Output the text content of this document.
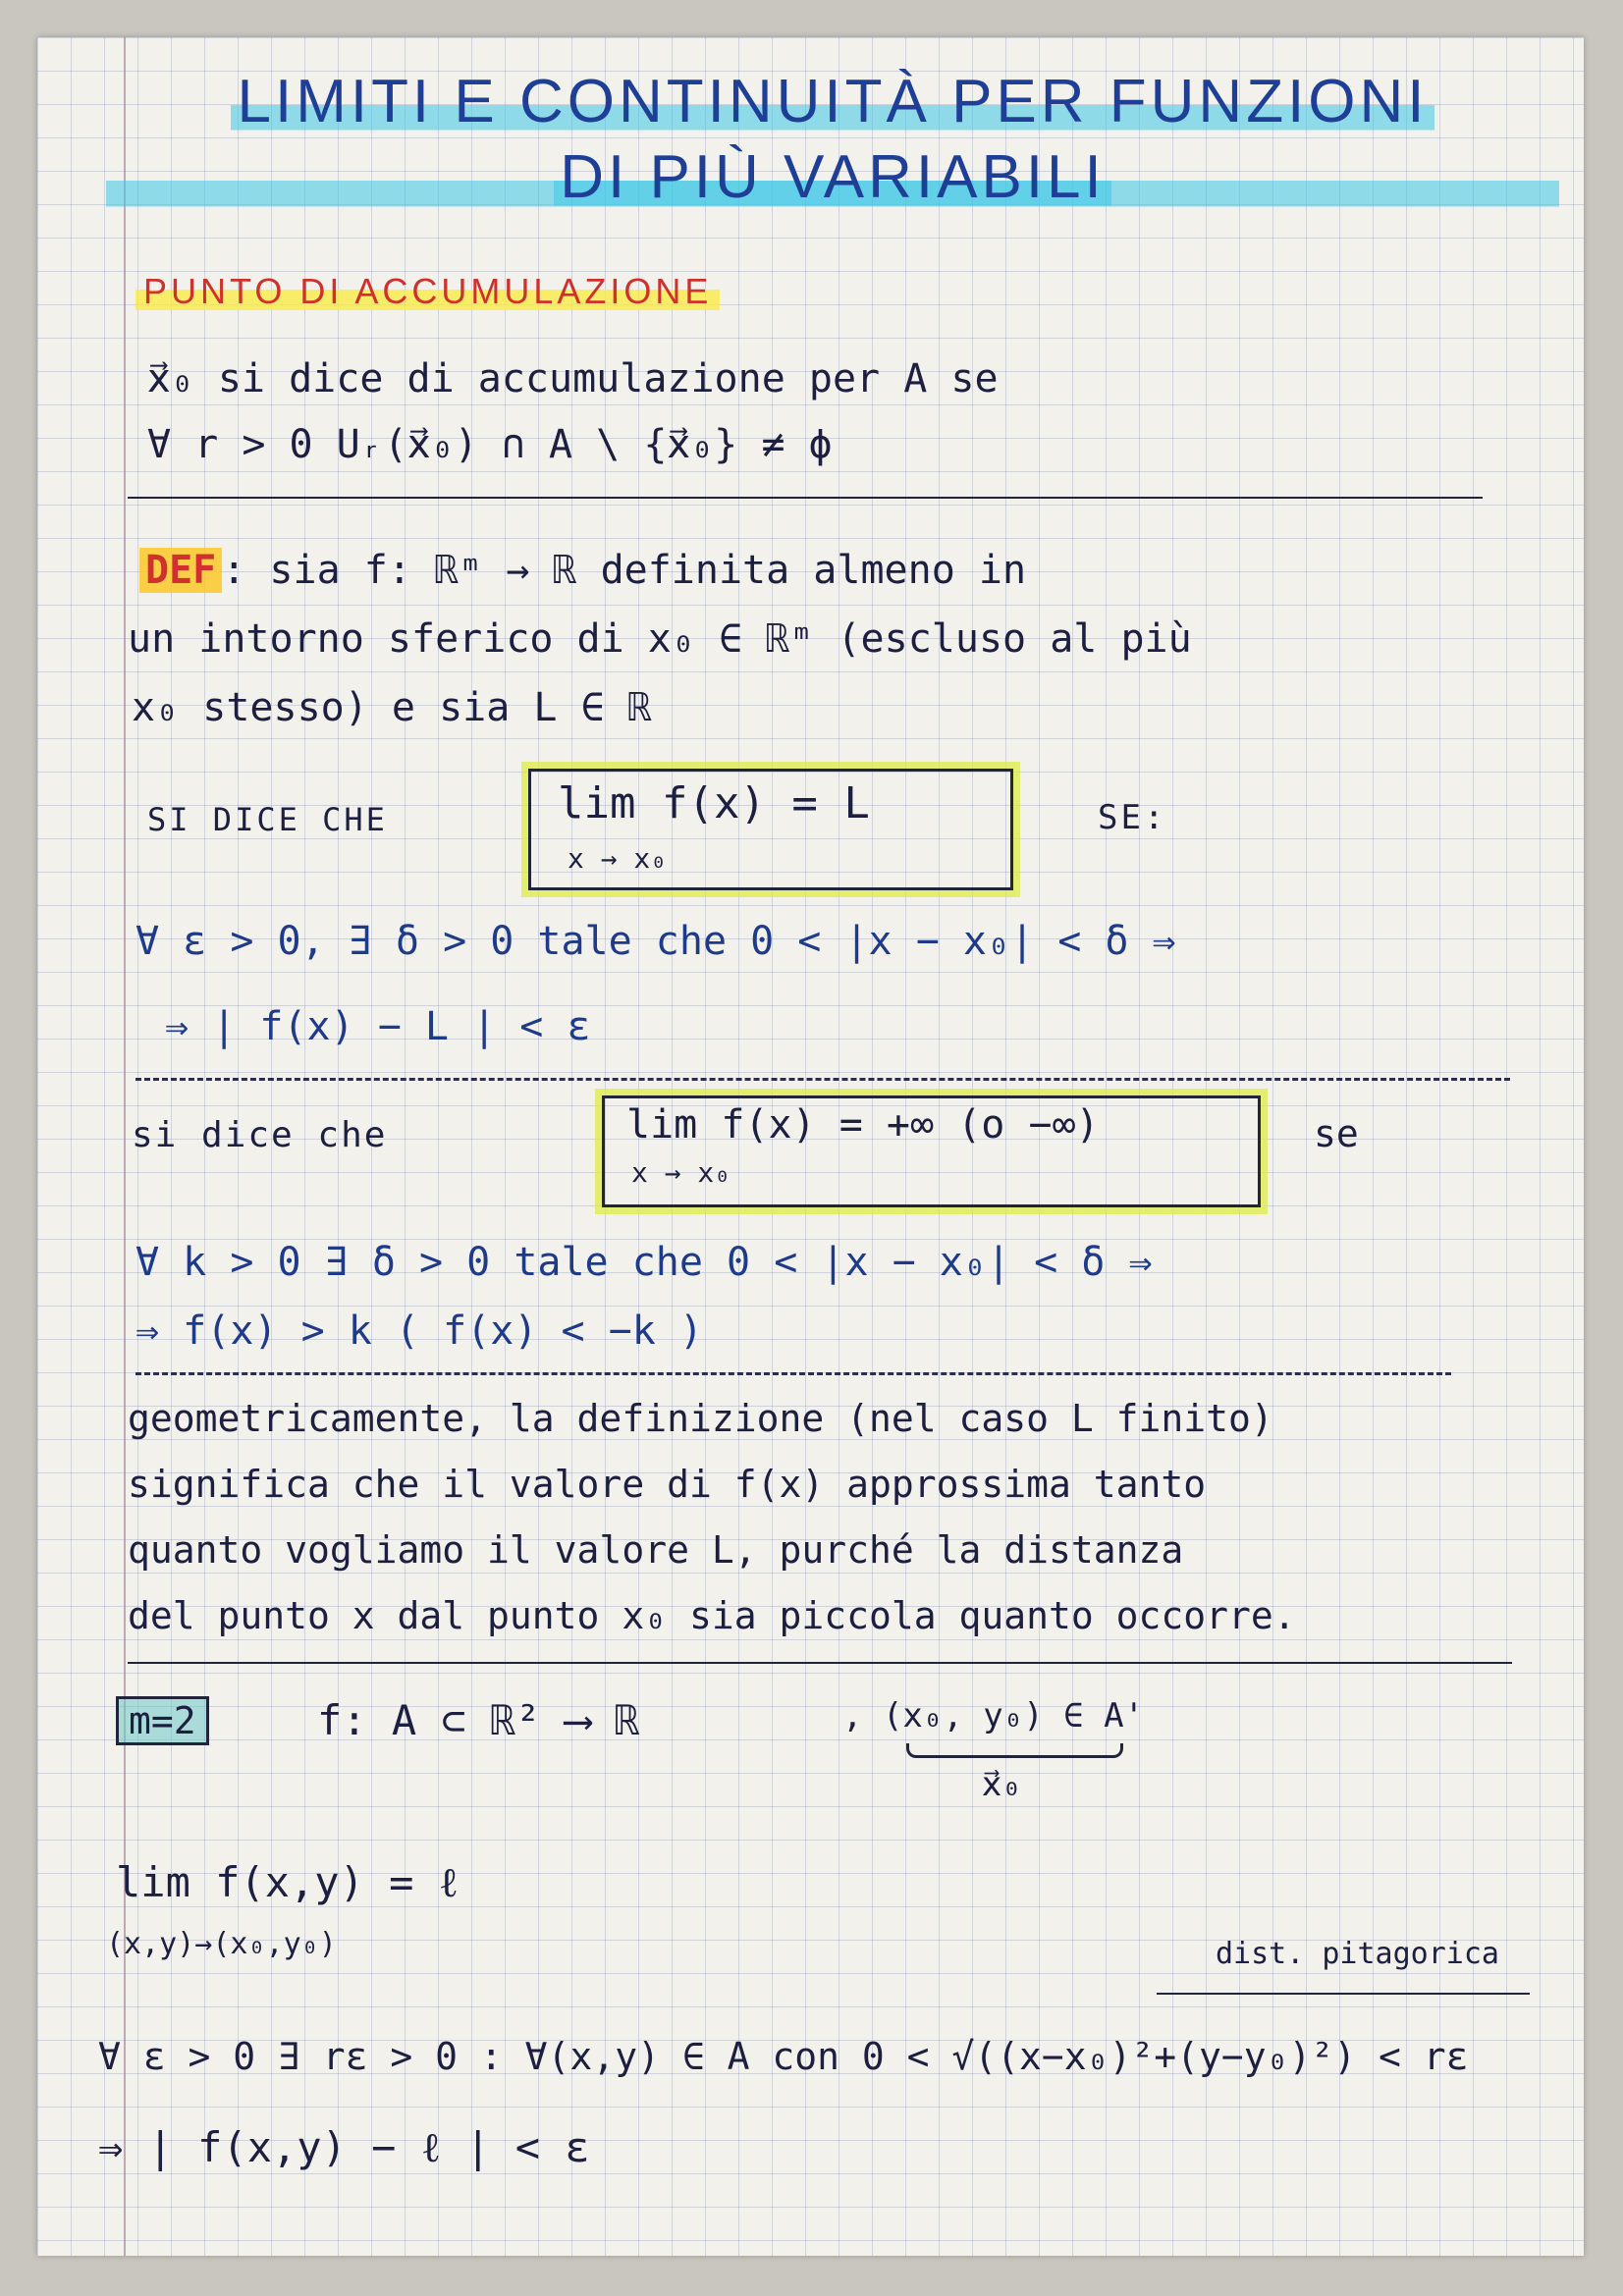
LIMITI E CONTINUITÀ PER FUNZIONI
DI PIÙ VARIABILI
PUNTO DI ACCUMULAZIONE
x⃗₀ si dice di accumulazione per A se
∀ r > 0 Uᵣ(x⃗₀) ∩ A \ {x⃗₀} ≠ ϕ
DEF : sia f: ℝᵐ → ℝ definita almeno in
un intorno sferico di x₀ ∈ ℝᵐ (escluso al più
x₀ stesso) e sia L ∈ ℝ
SI DICE CHE	lim f(x) = L
x → x₀
SE:
∀ ε > 0, ∃ δ > 0 tale che 0 < |x − x₀| < δ ⇒
⇒ | f(x) − L | < ε
si dice che	lim f(x) = +∞ (o −∞)
x → x₀
se
∀ k > 0 ∃ δ > 0 tale che 0 < |x − x₀| < δ ⇒
⇒ f(x) > k ( f(x) < −k )
geometricamente, la definizione (nel caso L finito)
significa che il valore di f(x) approssima tanto
quanto vogliamo il valore L, purché la distanza
del punto x dal punto x₀ sia piccola quanto occorre.
m=2	f: A ⊂ ℝ² ⟶ ℝ	, (x₀, y₀) ∈ A'
x⃗₀
lim f(x,y) = ℓ
(x,y)→(x₀,y₀)	dist. pitagorica
∀ ε > 0 ∃ rε > 0 : ∀(x,y) ∈ A con 0 < √((x−x₀)²+(y−y₀)²) < rε
⇒ | f(x,y) − ℓ | < ε
